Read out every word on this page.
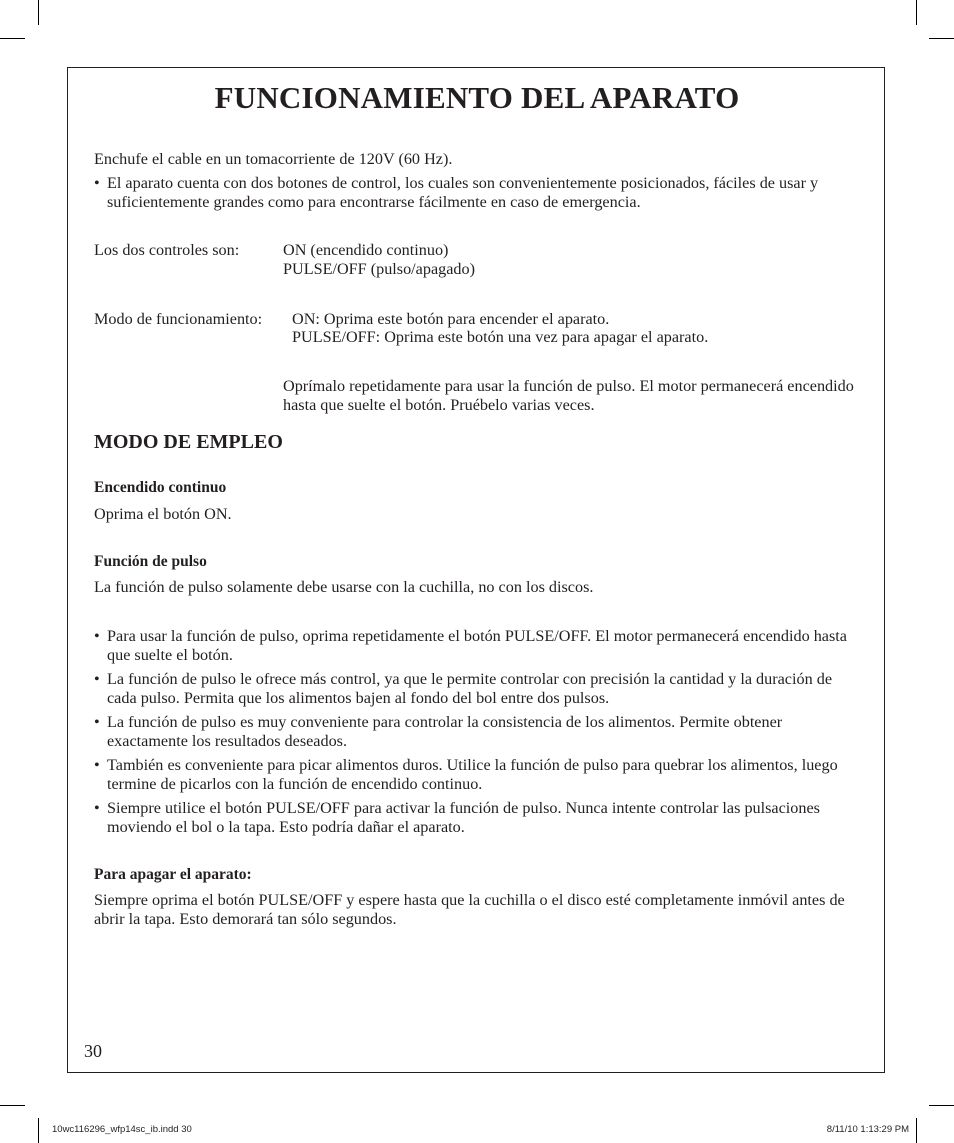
FUNCIONAMIENTO DEL APARATO

Enchufe el cable en un tomacorriente de 120V (60 Hz).

• El aparato cuenta con dos botones de control, los cuales son convenientemente posicionados, fáciles de usar y suficientemente grandes como para encontrarse fácilmente en caso de emergencia.

Los dos controles son:	ON (encendido continuo)

PULSE/OFF (pulso/apagado)

Modo de funcionamiento: ON: Oprima este botón para encender el aparato.

PULSE/OFF: Oprima este botón una vez para apagar el aparato.

Oprímalo repetidamente para usar la función de pulso. El motor permanecerá encendido hasta que suelte el botón. Pruébelo varias veces.

MODO DE EMPLEO

Encendido continuo

Oprima el botón ON.

Función de pulso

La función de pulso solamente debe usarse con la cuchilla, no con los discos.

• Para usar la función de pulso, oprima repetidamente el botón PULSE/OFF. El motor permanecerá encendido hasta que suelte el botón.
• La función de pulso le ofrece más control, ya que le permite controlar con precisión la cantidad y la duración de cada pulso. Permita que los alimentos bajen al fondo del bol entre dos pulsos.
• La función de pulso es muy conveniente para controlar la consistencia de los alimentos. Permite obtener exactamente los resultados deseados.
• También es conveniente para picar alimentos duros. Utilice la función de pulso para quebrar los alimentos, luego termine de picarlos con la función de encendido continuo.
• Siempre utilice el botón PULSE/OFF para activar la función de pulso. Nunca intente controlar las pulsaciones moviendo el bol o la tapa. Esto podría dañar el aparato.

Para apagar el aparato:

Siempre oprima el botón PULSE/OFF y espere hasta que la cuchilla o el disco esté completamente inmóvil antes de abrir la tapa. Esto demorará tan sólo segundos.

30
10wc116296_wfp14sc_ib.indd 30	8/11/10 1:13:29 PM
